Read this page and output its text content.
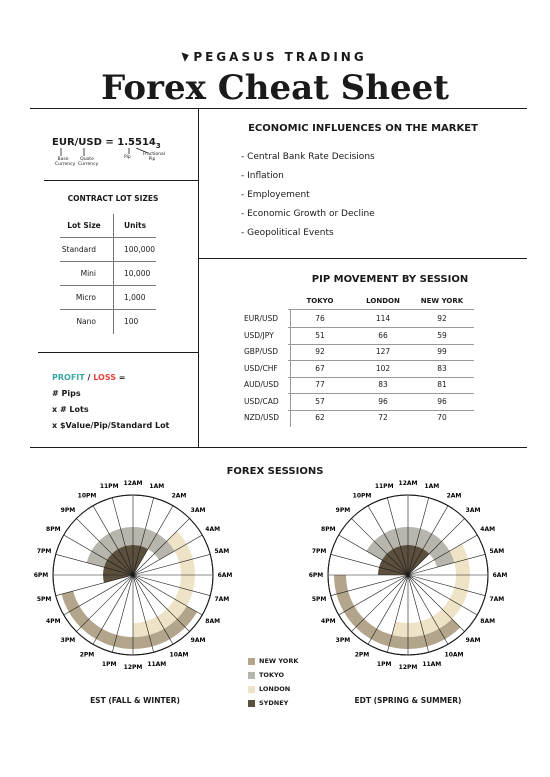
PEGASUS TRADING
Forex Cheat Sheet
$EUR/USD = 1.5514_3$
Base Currency
Quote Currency
Pip
Fractional Pip
CONTRACT LOT SIZES
Lot Size	Units
Standard	100,000
Mini	10,000
Micro	1,000
Nano	100
PROFIT / LOSS =
# Pips
x # Lots
x $Value/Pip/Standard Lot
ECONOMIC INFLUENCES ON THE MARKET
- Central Bank Rate Decisions
- Inflation
- Employement
- Economic Growth or Decline
- Geopolitical Events
PIP MOVEMENT BY SESSION
TOKYO	LONDON	NEW YORK
EUR/USD	76	114	92
USD/JPY	51	66	59
GBP/USD	92	127	99
USD/CHF	67	102	83
AUD/USD	77	83	81
USD/CAD	57	96	96
NZD/USD	62	72	70
FOREX SESSIONS
12AM 1AM
2AM
3AM
4AM
5AM
6AM
7AM
8AM
9AM
10AM
11AM
12PM
1PM
2PM
3PM
4PM
5PM
6PM
7PM
8PM
9PM
10PM
11PM	12AM 1AM
2AM
3AM
4AM
5AM
6AM
7AM
8AM
9AM
10AM
11AM
12PM
1PM
2PM
3PM
4PM
5PM
6PM
7PM
8PM
9PM
10PM
11PM
EST (FALL & WINTER)	EDT (SPRING & SUMMER)
NEW YORK
TOKYO
LONDON
SYDNEY
